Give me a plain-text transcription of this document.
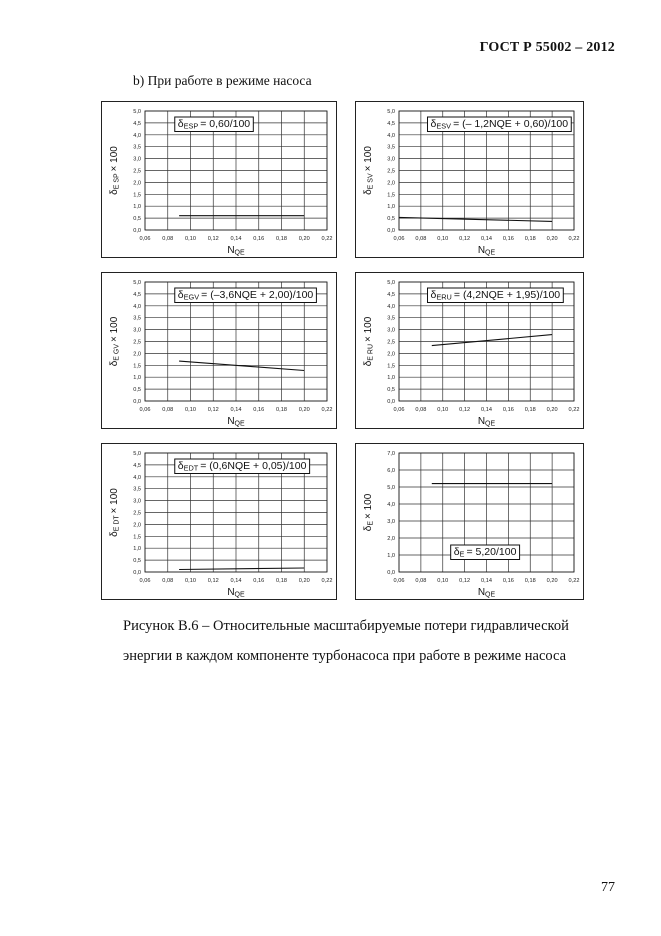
ГОСТ Р 55002 – 2012
b) При работе в режиме насоса
0,06 0,08 0,10 0,12 0,14 0,16 0,18 0,20 0,22
0,0
0,5
1,0
1,5
2,0
2,5
3,0
3,5
4,0
4,5
5,0
NQE
δE SP × 100
δESP = 0,60/100
0,06 0,08 0,10 0,12 0,14 0,16 0,18 0,20 0,22
0,0
0,5
1,0
1,5
2,0
2,5
3,0
3,5
4,0
4,5
5,0
NQE
δE SV × 100
δESV = (– 1,2NQE + 0,60)/100
0,06 0,08 0,10 0,12 0,14 0,16 0,18 0,20 0,22
0,0
0,5
1,0
1,5
2,0
2,5
3,0
3,5
4,0
4,5
5,0
NQE
δE GV × 100
δEGV = (–3,6NQE + 2,00)/100
0,06 0,08 0,10 0,12 0,14 0,16 0,18 0,20 0,22
0,0
0,5
1,0
1,5
2,0
2,5
3,0
3,5
4,0
4,5
5,0
NQE
δE RU × 100
δERU = (4,2NQE + 1,95)/100
0,06 0,08 0,10 0,12 0,14 0,16 0,18 0,20 0,22
0,0
0,5
1,0
1,5
2,0
2,5
3,0
3,5
4,0
4,5
5,0
NQE
δE DT × 100
δEDT = (0,6NQE + 0,05)/100
0,06 0,08 0,10 0,12 0,14 0,16 0,18 0,20 0,22
0,0
1,0
2,0
3,0
4,0
5,0
6,0
7,0
NQE
δE × 100
δE = 5,20/100
Рисунок В.6 – Относительные масштабируемые потери гидравлической
энергии в каждом компоненте турбонасоса при работе в режиме насоса
77
